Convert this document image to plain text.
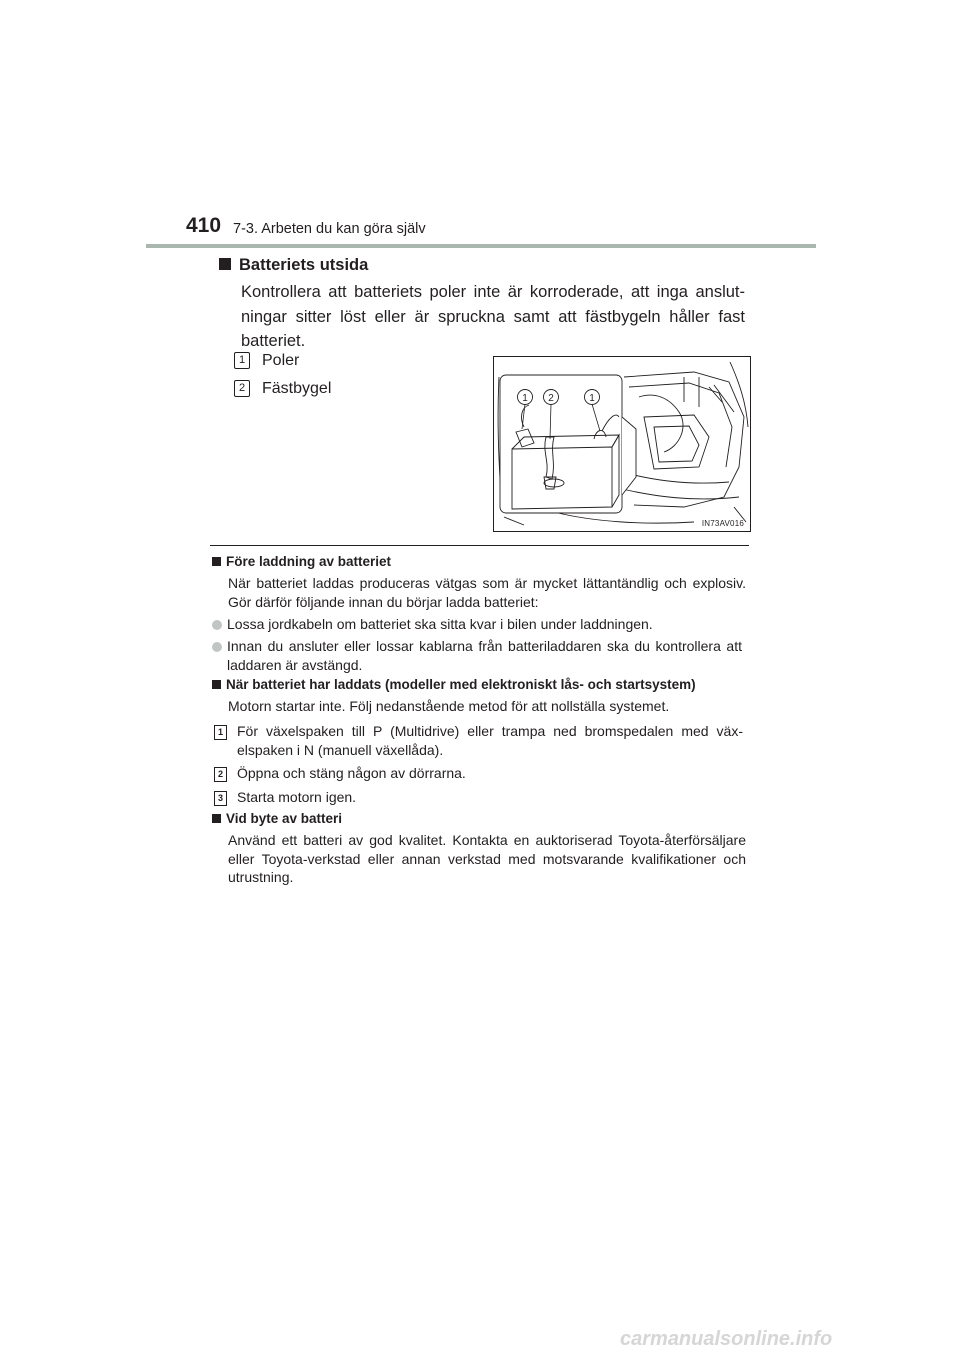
410 7-3. Arbeten du kan göra själv
Batteriets utsida
Kontrollera att batteriets poler inte är korroderade, att inga anslutningar sitter löst eller är spruckna samt att fästbygeln håller fast batteriet.
1 Poler
2 Fästbygel
1 2	1
IN73AV016
Före laddning av batteriet
När batteriet laddas produceras vätgas som är mycket lättantändlig och explosiv. Gör därför följande innan du börjar ladda batteriet:
Lossa jordkabeln om batteriet ska sitta kvar i bilen under laddningen.
Innan du ansluter eller lossar kablarna från batteriladdaren ska du kontrollera att laddaren är avstängd.
När batteriet har laddats (modeller med elektroniskt lås- och startsystem)
Motorn startar inte. Följ nedanstående metod för att nollställa systemet.
1 För växelspaken till P (Multidrive) eller trampa ned bromspedalen med växelspaken i N (manuell växellåda).
2 Öppna och stäng någon av dörrarna.
3 Starta motorn igen.
Vid byte av batteri
Använd ett batteri av god kvalitet. Kontakta en auktoriserad Toyota-återförsäljare eller Toyota-verkstad eller annan verkstad med motsvarande kvalifikationer och utrustning.
carmanualsonline.info
